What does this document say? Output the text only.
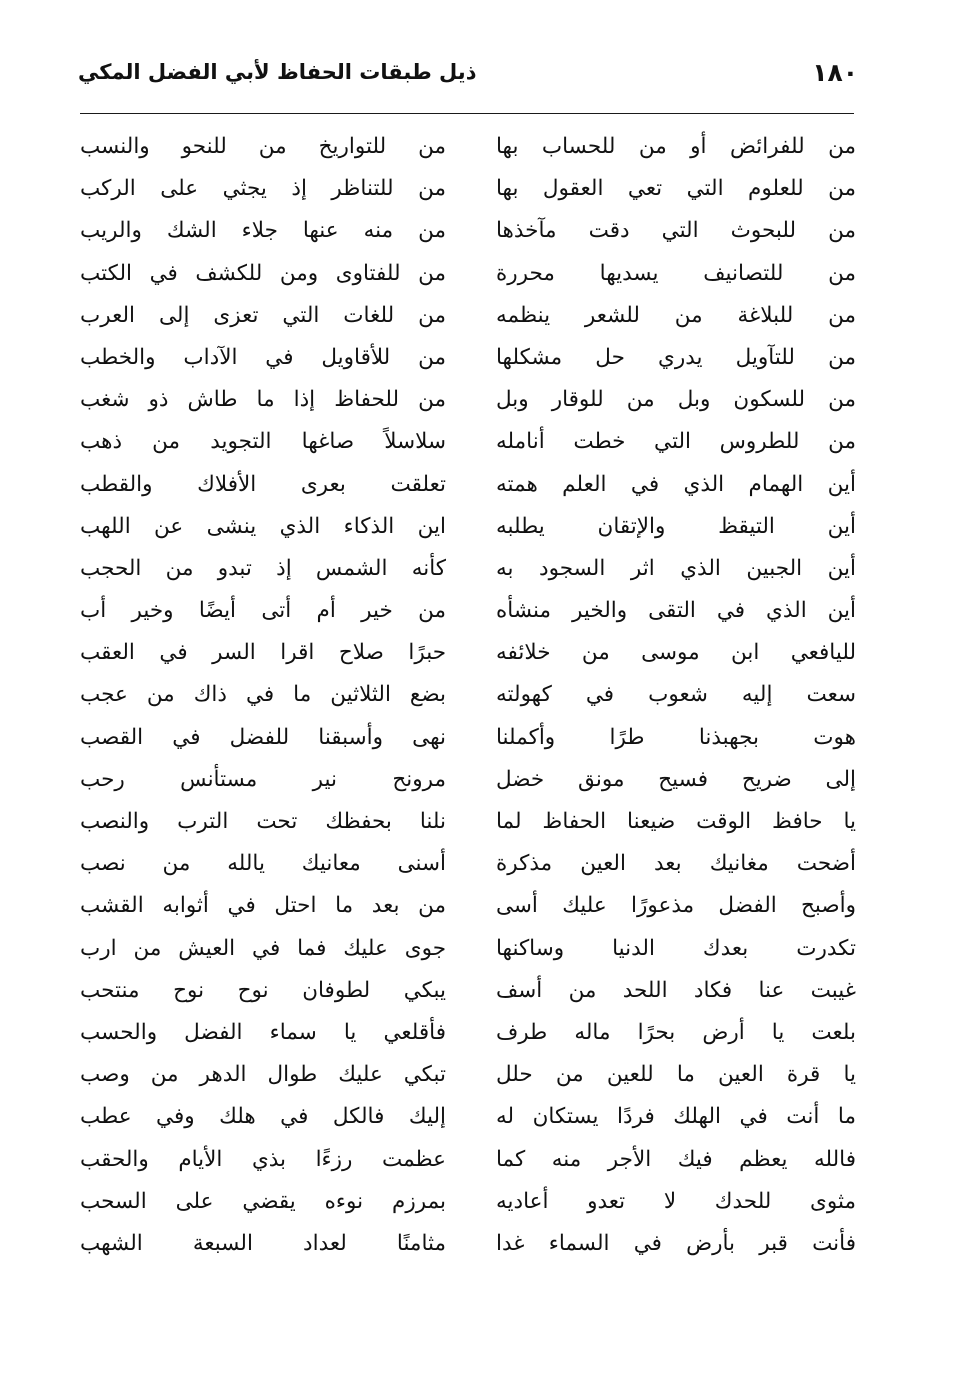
١٨٠
ذيل طبقات الحفاظ لأبي الفضل المكي
من للفرائض أو من للحساب بها
من للتواريخ من للنحو والنسب
من للعلوم التي تعي العقول بها
من للتناظر إذ يجثي على الركب
من للبحوث التي دقت مآخذها
من منه عنها جلاء الشك والريب
من للتصانيف يسديها محررة
من للفتاوى ومن للكشف في الكتب
من للبلاغة من للشعر ينظمه
من للغات التي تعزى إلى العرب
من للتآويل يدري حل مشكلها
من للأقاويل في الآداب والخطب
من للسكون وبل من للوقار وبل
من للحفاظ إذا ما طاش ذو شغب
من للطروس التي خطت أنامله
سلاسلاً صاغها التجويد من ذهب
أين الهمام الذي في العلم همته
تعلقت بعرى الأفلاك والقطب
أين التيقظ والإتقان يطلبه
اين الذكاء الذي ينشى عن اللهب
أين الجبين الذي اثر السجود به
كأنه الشمس إذ تبدو من الحجب
أين الذي في التقى والخير منشأه
من خير أم أتى أيضًا وخير أب
لليافعي ابن موسى من خلائفه
حبرًا صلاح اقرا السر في العقب
سعت إليه شعوب في كهولته
بضع الثلاثين ما في ذاك من عجب
هوت بجهبذنا طرًا وأكملنا
نهى وأسبقنا للفضل في القصب
إلى ضريح فسيح مونق خضل
مرونح نير مستأنس رحب
يا حافظ الوقت ضيعنا الحفاظ لما
نلنا بحفظك تحت الترب والنصب
أضحت مغانيك بعد العين مذكرة
أسنى معانيك يالله من نصب
وأصبح الفضل مذعورًا عليك أسى
من بعد ما احتل في أثوابه القشب
تكدرت بعدك الدنيا وساكنها
جوى عليك فما في العيش من ارب
غيبت عنا فكاد اللحد من أسف
يبكي لطوفان نوح نوح منتحب
بلعت يا أرض بحرًا ماله طرف
فأقلعي يا سماء الفضل والحسب
يا قرة العين ما للعين من حلل
تبكي عليك طوال الدهر من وصب
ما أنت في الهلك فردًا يستكان له
إليك فالكل في هلك وفي عطب
فالله يعظم فيك الأجر منه كما
عظمت رزءًا بذي الأيام والحقب
مثوى للحدك لا تعدو أعاديه
بمرزم نوءه يقضي على السحب
فأنت قبر بأرض في السماء غدا
مثامنًا لعداد السبعة الشهب
